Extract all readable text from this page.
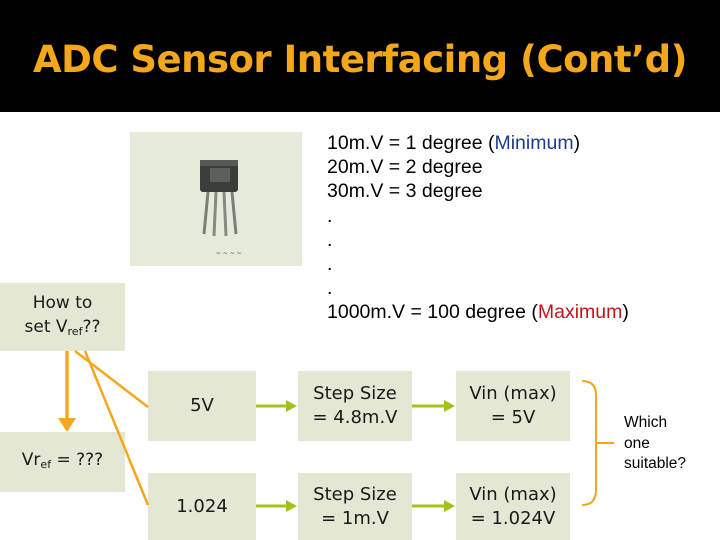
ADC Sensor Interfacing (Cont’d)
~ ~ ~ ~
10m.V = 1 degree (Minimum)
20m.V = 2 degree
30m.V = 3 degree
.
.
.
.
1000m.V = 100 degree (Maximum)
How to
set $V_{ref}$??
$Vr_{ef}$ = ???
5V
Step Size
= 4.8m.V
Vin (max)
= 5V
1.024
Step Size
= 1m.V
Vin (max)
= 1.024V
Which
one
suitable?
